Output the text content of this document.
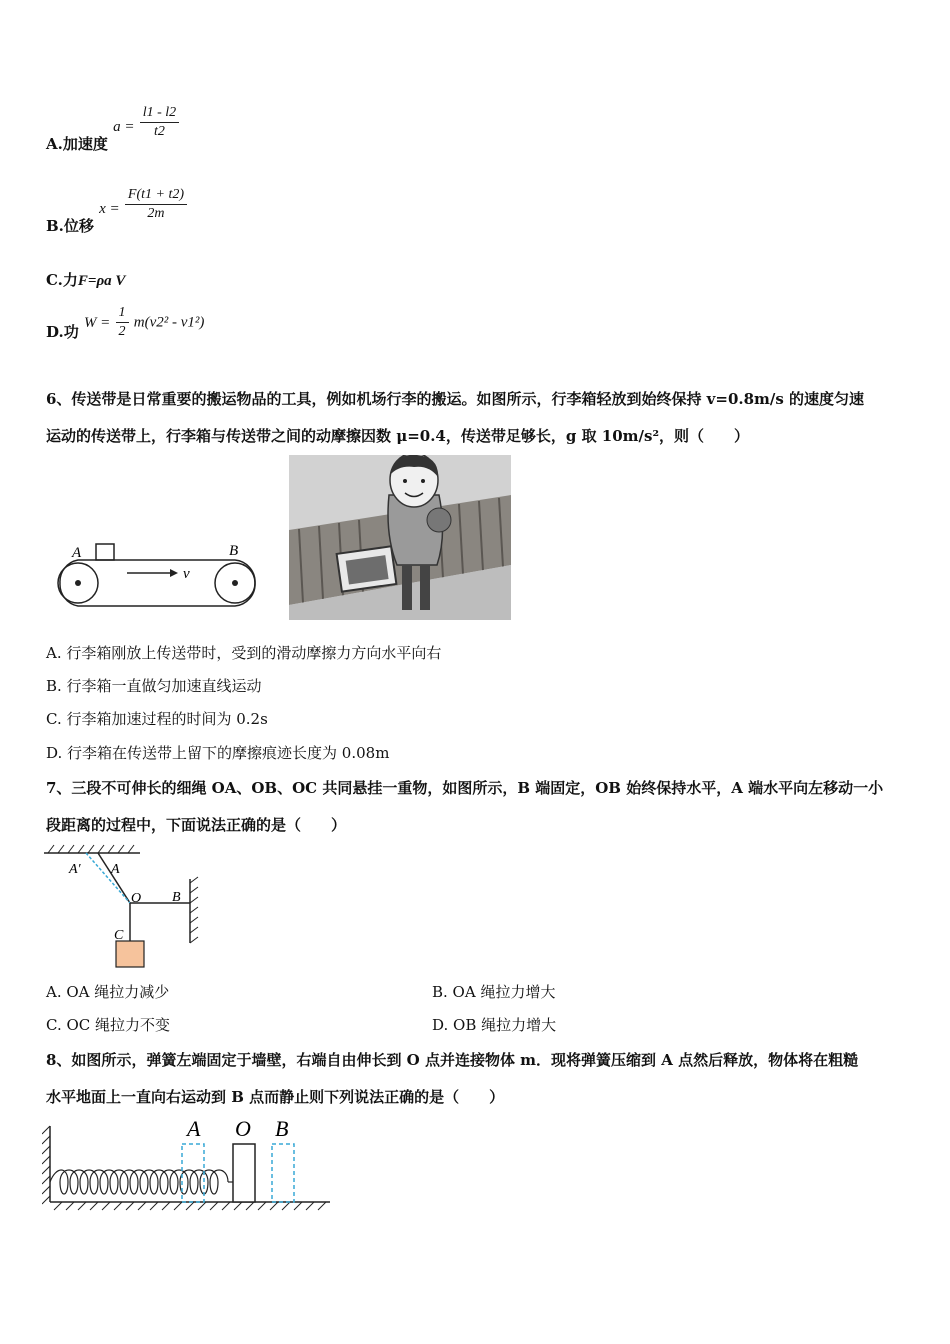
A.加速度 $a = \frac{l1 - l2}{t2}$
B.位移 $x = \frac{F(t1 + t2)}{2m}$
C.力F=ρa V
D.功 $W = \frac{1}{2} m(v2^2 - v1^2)$
6、传送带是日常重要的搬运物品的工具，例如机场行李的搬运。如图所示，行李箱轻放到始终保持 v=0.8m/s 的速度匀速
运动的传送带上，行李箱与传送带之间的动摩擦因数 μ=0.4，传送带足够长，g 取 10m/s²，则（　　）
v
A	B
A. 行李箱刚放上传送带时，受到的滑动摩擦力方向水平向右
B. 行李箱一直做匀加速直线运动
C. 行李箱加速过程的时间为 0.2s
D. 行李箱在传送带上留下的摩擦痕迹长度为 0.08m
7、三段不可伸长的细绳 OA、OB、OC 共同悬挂一重物，如图所示，B 端固定，OB 始终保持水平，A 端水平向左移动一小
段距离的过程中，下面说法正确的是（　　）
A′ A
O B
C
A. OA 绳拉力减少	B. OA 绳拉力增大
C. OC 绳拉力不变	D. OB 绳拉力增大
8、如图所示，弹簧左端固定于墙壁，右端自由伸长到 O 点并连接物体 m．现将弹簧压缩到 A 点然后释放，物体将在粗糙
水平地面上一直向右运动到 B 点而静止则下列说法正确的是（　　）
A O B
